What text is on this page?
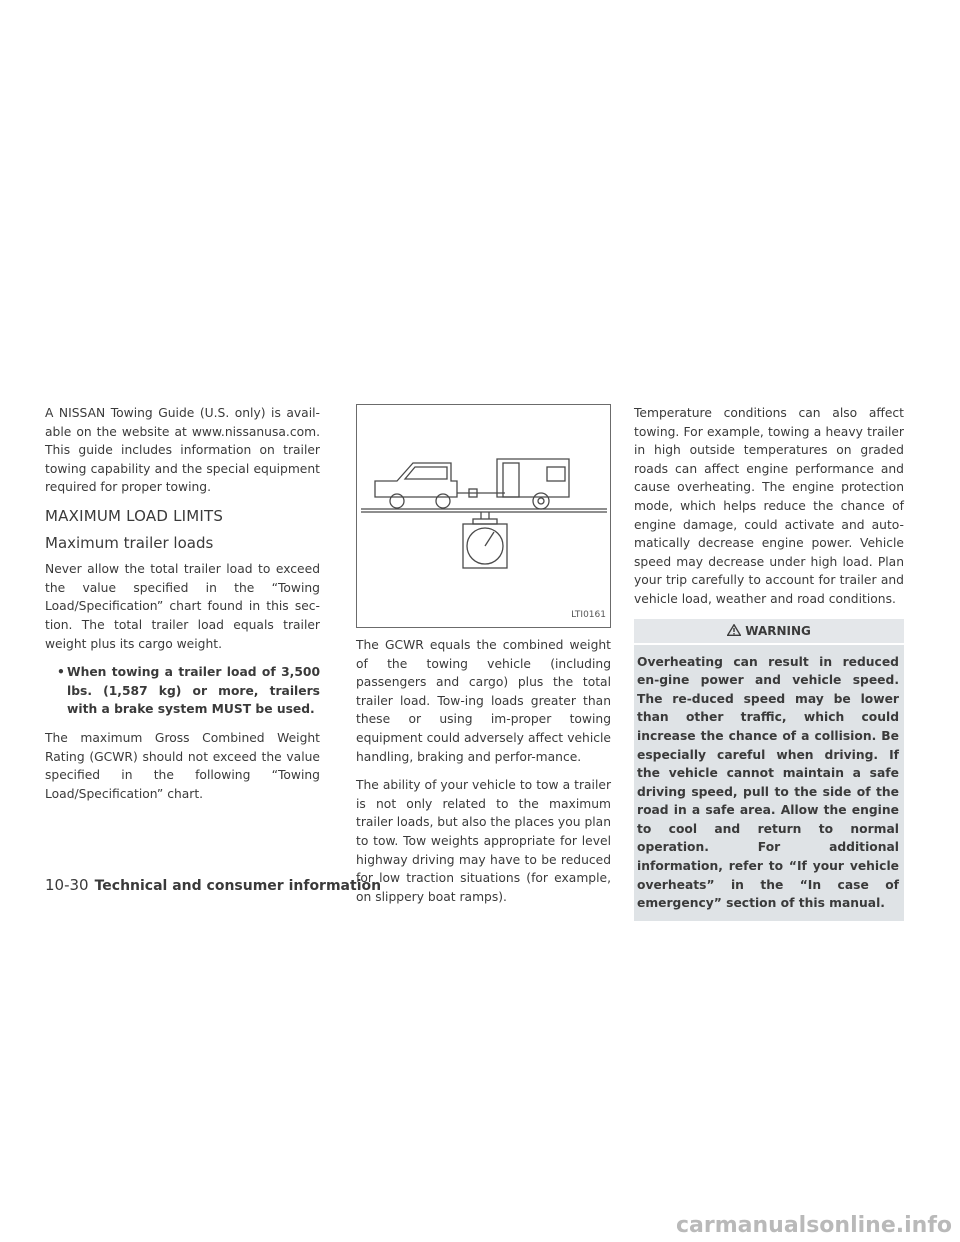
A NISSAN Towing Guide (U.S. only) is avail-able on the website at www.nissanusa.com. This guide includes information on trailer towing capability and the special equipment required for proper towing.

MAXIMUM LOAD LIMITS
Maximum trailer loads

Never allow the total trailer load to exceed the value specified in the “Towing Load/Specification” chart found in this sec-tion. The total trailer load equals trailer weight plus its cargo weight.

• When towing a trailer load of 3,500 lbs. (1,587 kg) or more, trailers with a brake system MUST be used.

The maximum Gross Combined Weight Rating (GCWR) should not exceed the value specified in the following “Towing Load/Specification” chart.

LTI0161

The GCWR equals the combined weight of the towing vehicle (including passengers and cargo) plus the total trailer load. Tow-ing loads greater than these or using im-proper towing equipment could adversely affect vehicle handling, braking and perfor-mance.

The ability of your vehicle to tow a trailer is not only related to the maximum trailer loads, but also the places you plan to tow. Tow weights appropriate for level highway driving may have to be reduced for low traction situations (for example, on slippery boat ramps).

Temperature conditions can also affect towing. For example, towing a heavy trailer in high outside temperatures on graded roads can affect engine performance and cause overheating. The engine protection mode, which helps reduce the chance of engine damage, could activate and auto-matically decrease engine power. Vehicle speed may decrease under high load. Plan your trip carefully to account for trailer and vehicle load, weather and road conditions.

WARNING
Overheating can result in reduced en-gine power and vehicle speed. The re-duced speed may be lower than other traffic, which could increase the chance of a collision. Be especially careful when driving. If the vehicle cannot maintain a safe driving speed, pull to the side of the road in a safe area. Allow the engine to cool and return to normal operation. For additional information, refer to “If your vehicle overheats” in the “In case of emergency” section of this manual.
10-30 Technical and consumer information
carmanualsonline.info
